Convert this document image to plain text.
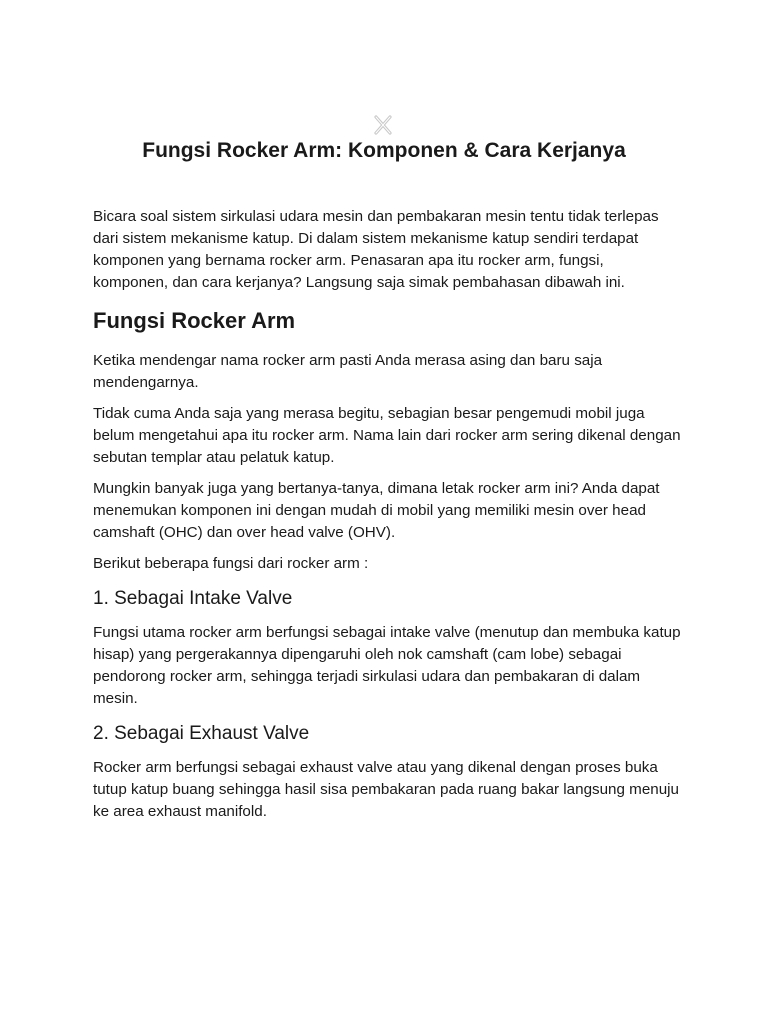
Fungsi Rocker Arm: Komponen & Cara Kerjanya

Bicara soal sistem sirkulasi udara mesin dan pembakaran mesin tentu tidak terlepas dari sistem mekanisme katup. Di dalam sistem mekanisme katup sendiri terdapat komponen yang bernama rocker arm. Penasaran apa itu rocker arm, fungsi, komponen, dan cara kerjanya? Langsung saja simak pembahasan dibawah ini.

Fungsi Rocker Arm

Ketika mendengar nama rocker arm pasti Anda merasa asing dan baru saja mendengarnya.

Tidak cuma Anda saja yang merasa begitu, sebagian besar pengemudi mobil juga belum mengetahui apa itu rocker arm. Nama lain dari rocker arm sering dikenal dengan sebutan templar atau pelatuk katup.

Mungkin banyak juga yang bertanya-tanya, dimana letak rocker arm ini? Anda dapat menemukan komponen ini dengan mudah di mobil yang memiliki mesin over head camshaft (OHC) dan over head valve (OHV).

Berikut beberapa fungsi dari rocker arm :

1. Sebagai Intake Valve

Fungsi utama rocker arm berfungsi sebagai intake valve (menutup dan membuka katup hisap) yang pergerakannya dipengaruhi oleh nok camshaft (cam lobe) sebagai pendorong rocker arm, sehingga terjadi sirkulasi udara dan pembakaran di dalam mesin.

2. Sebagai Exhaust Valve

Rocker arm berfungsi sebagai exhaust valve atau yang dikenal dengan proses buka tutup katup buang sehingga hasil sisa pembakaran pada ruang bakar langsung menuju ke area exhaust manifold.
